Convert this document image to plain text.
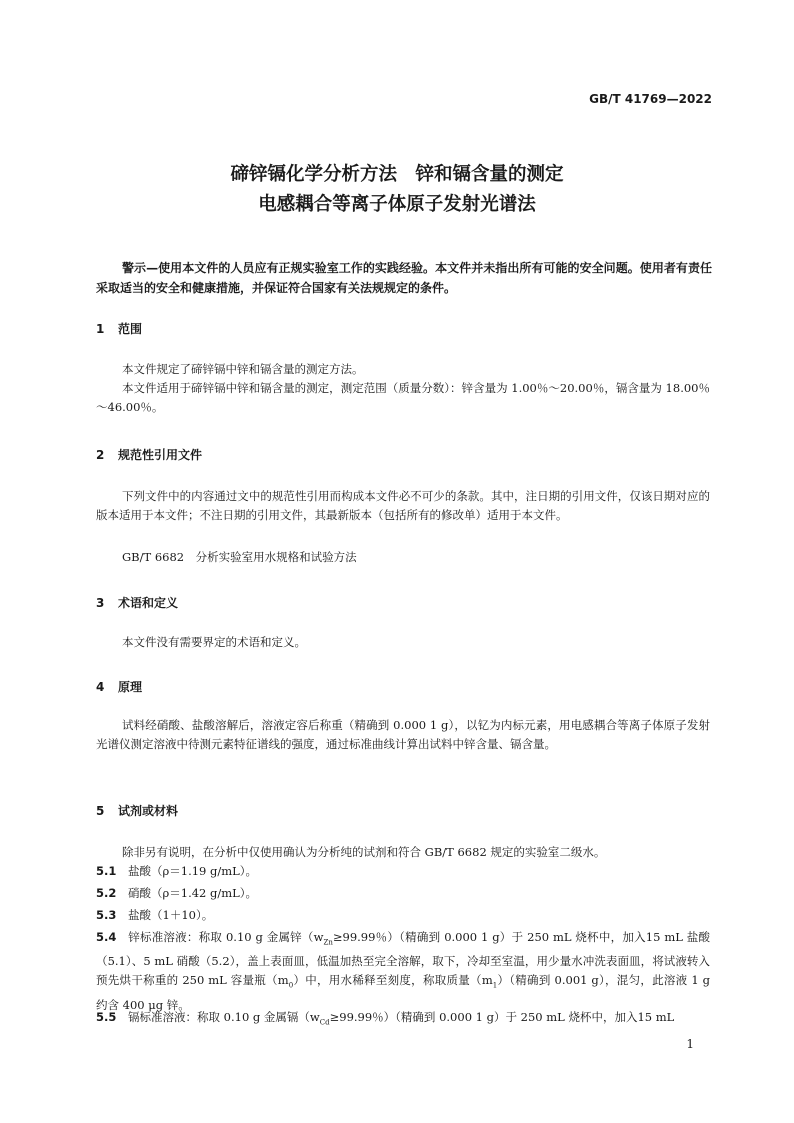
GB/T 41769—2022
碲锌镉化学分析方法　锌和镉含量的测定
电感耦合等离子体原子发射光谱法
警示—使用本文件的人员应有正规实验室工作的实践经验。本文件并未指出所有可能的安全问题。使用者有责任采取适当的安全和健康措施，并保证符合国家有关法规规定的条件。
1 范围
本文件规定了碲锌镉中锌和镉含量的测定方法。
本文件适用于碲锌镉中锌和镉含量的测定，测定范围（质量分数）：锌含量为 1.00％～20.00％，镉含量为 18.00％～46.00％。
2 规范性引用文件
下列文件中的内容通过文中的规范性引用而构成本文件必不可少的条款。其中，注日期的引用文件，仅该日期对应的版本适用于本文件；不注日期的引用文件，其最新版本（包括所有的修改单）适用于本文件。
GB/T 6682　分析实验室用水规格和试验方法
3 术语和定义
本文件没有需要界定的术语和定义。
4 原理
试料经硝酸、盐酸溶解后，溶液定容后称重（精确到 0.000 1 g），以钇为内标元素，用电感耦合等离子体原子发射光谱仪测定溶液中待测元素特征谱线的强度，通过标准曲线计算出试料中锌含量、镉含量。
5 试剂或材料
除非另有说明，在分析中仅使用确认为分析纯的试剂和符合 GB/T 6682 规定的实验室二级水。
5.1 盐酸（ρ＝1.19 g/mL）。
5.2 硝酸（ρ＝1.42 g/mL）。
5.3 盐酸（1＋10）。
5.4 锌标准溶液：称取 0.10 g 金属锌（$w_{Zn}\ge 99.99$％）（精确到 0.000 1 g）于 250 mL 烧杯中，加入15 mL 盐酸（5.1）、5 mL 硝酸（5.2），盖上表面皿，低温加热至完全溶解，取下，冷却至室温，用少量水冲洗表面皿，将试液转入预先烘干称重的 250 mL 容量瓶$(m_0)$中，用水稀释至刻度，称取质量$(m_1)$（精确到 0.001 g），混匀，此溶液 1 g 约含 400 μg 锌。
5.5 镉标准溶液：称取 0.10 g 金属镉（$w_{Cd}\ge 99.99$％）（精确到 0.000 1 g）于 250 mL 烧杯中，加入15 mL
1
